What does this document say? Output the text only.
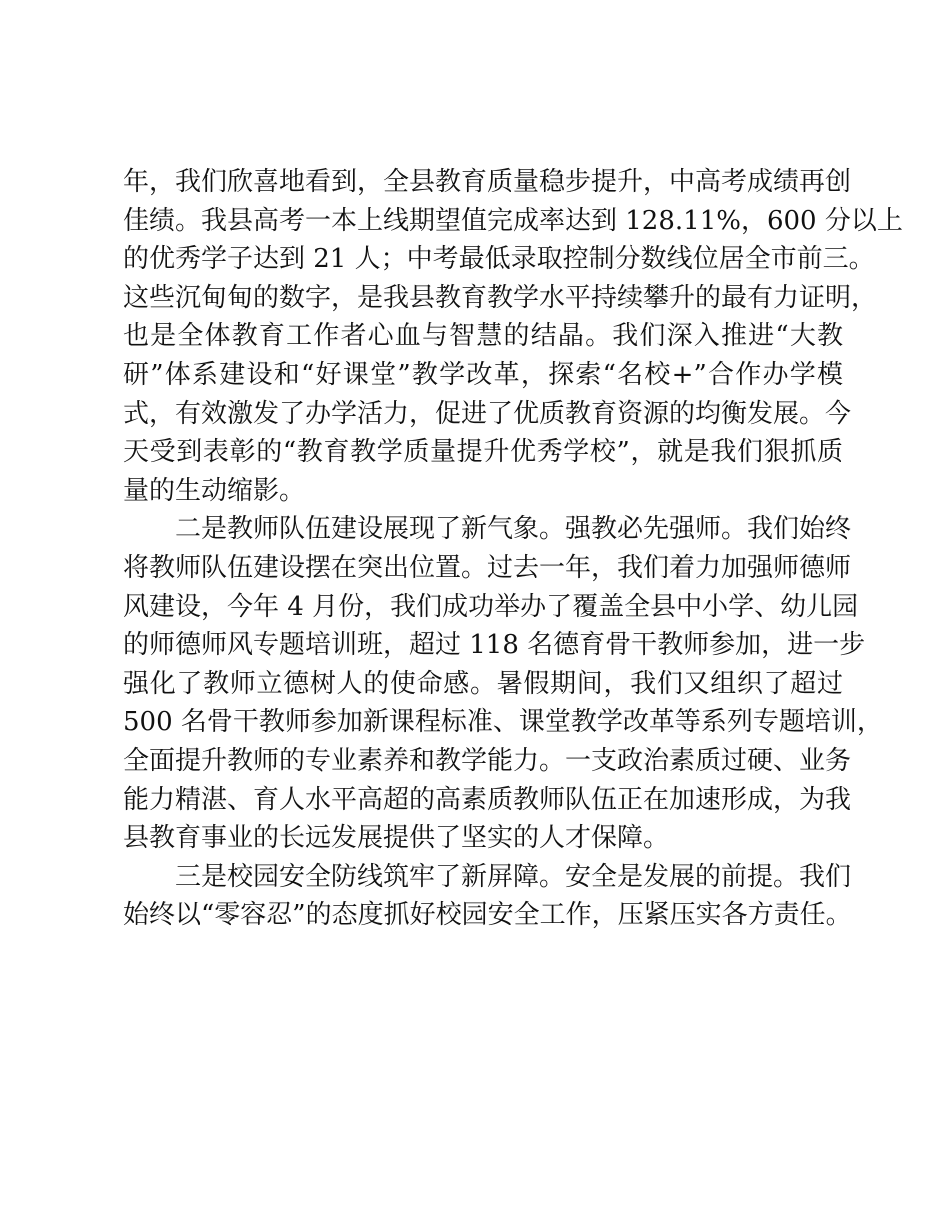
年，我们欣喜地看到，全县教育质量稳步提升，中高考成绩再创
佳绩。我县高考一本上线期望值完成率达到 128.11%，600 分以上
的优秀学子达到 21 人；中考最低录取控制分数线位居全市前三。
这些沉甸甸的数字，是我县教育教学水平持续攀升的最有力证明，
也是全体教育工作者心血与智慧的结晶。我们深入推进“大教
研”体系建设和“好课堂”教学改革，探索“名校+”合作办学模
式，有效激发了办学活力，促进了优质教育资源的均衡发展。今
天受到表彰的“教育教学质量提升优秀学校”，就是我们狠抓质
量的生动缩影。
二是教师队伍建设展现了新气象。强教必先强师。我们始终
将教师队伍建设摆在突出位置。过去一年，我们着力加强师德师
风建设，今年 4 月份，我们成功举办了覆盖全县中小学、幼儿园
的师德师风专题培训班，超过 118 名德育骨干教师参加，进一步
强化了教师立德树人的使命感。暑假期间，我们又组织了超过
500 名骨干教师参加新课程标准、课堂教学改革等系列专题培训，
全面提升教师的专业素养和教学能力。一支政治素质过硬、业务
能力精湛、育人水平高超的高素质教师队伍正在加速形成，为我
县教育事业的长远发展提供了坚实的人才保障。
三是校园安全防线筑牢了新屏障。安全是发展的前提。我们
始终以“零容忍”的态度抓好校园安全工作，压紧压实各方责任。
